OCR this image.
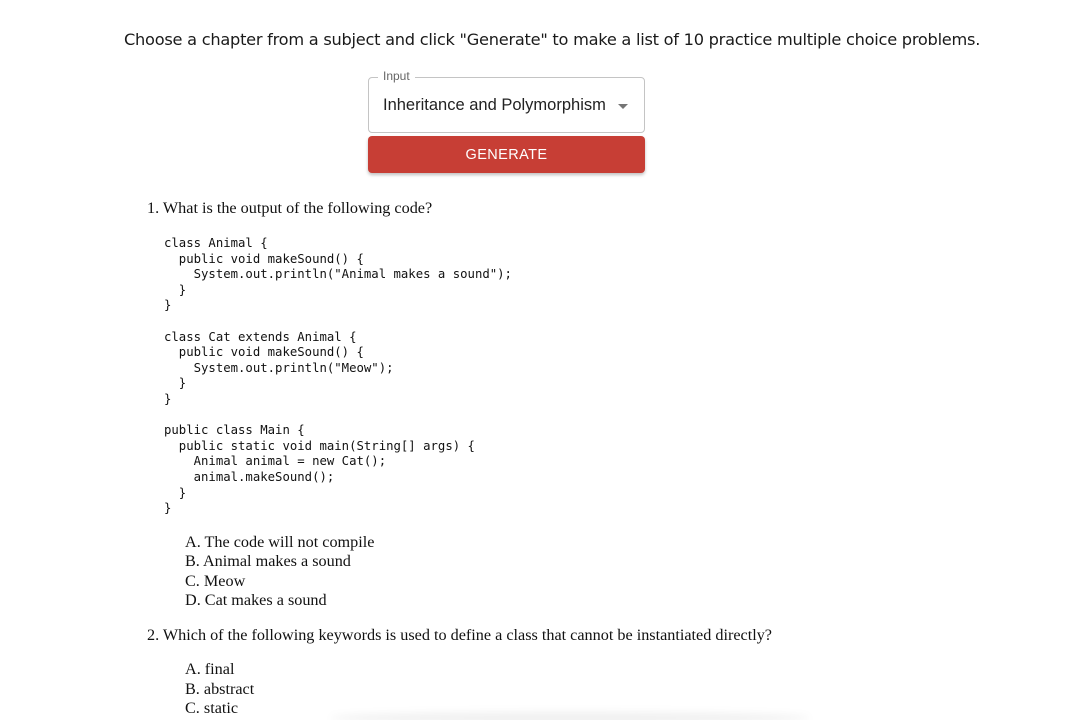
Choose a chapter from a subject and click "Generate" to make a list of 10 practice multiple choice problems.
Input
Inheritance and Polymorphism
GENERATE

1. What is the output of the following code?

class Animal {
public void makeSound() {
System.out.println("Animal makes a sound");
}
}

class Cat extends Animal {
public void makeSound() {
System.out.println("Meow");
}
}

public class Main {
public static void main(String[] args) {
Animal animal = new Cat();
animal.makeSound();
}
}
A. The code will not compile
B. Animal makes a sound
C. Meow
D. Cat makes a sound

2. Which of the following keywords is used to define a class that cannot be instantiated directly?

A. final
B. abstract
C. static
